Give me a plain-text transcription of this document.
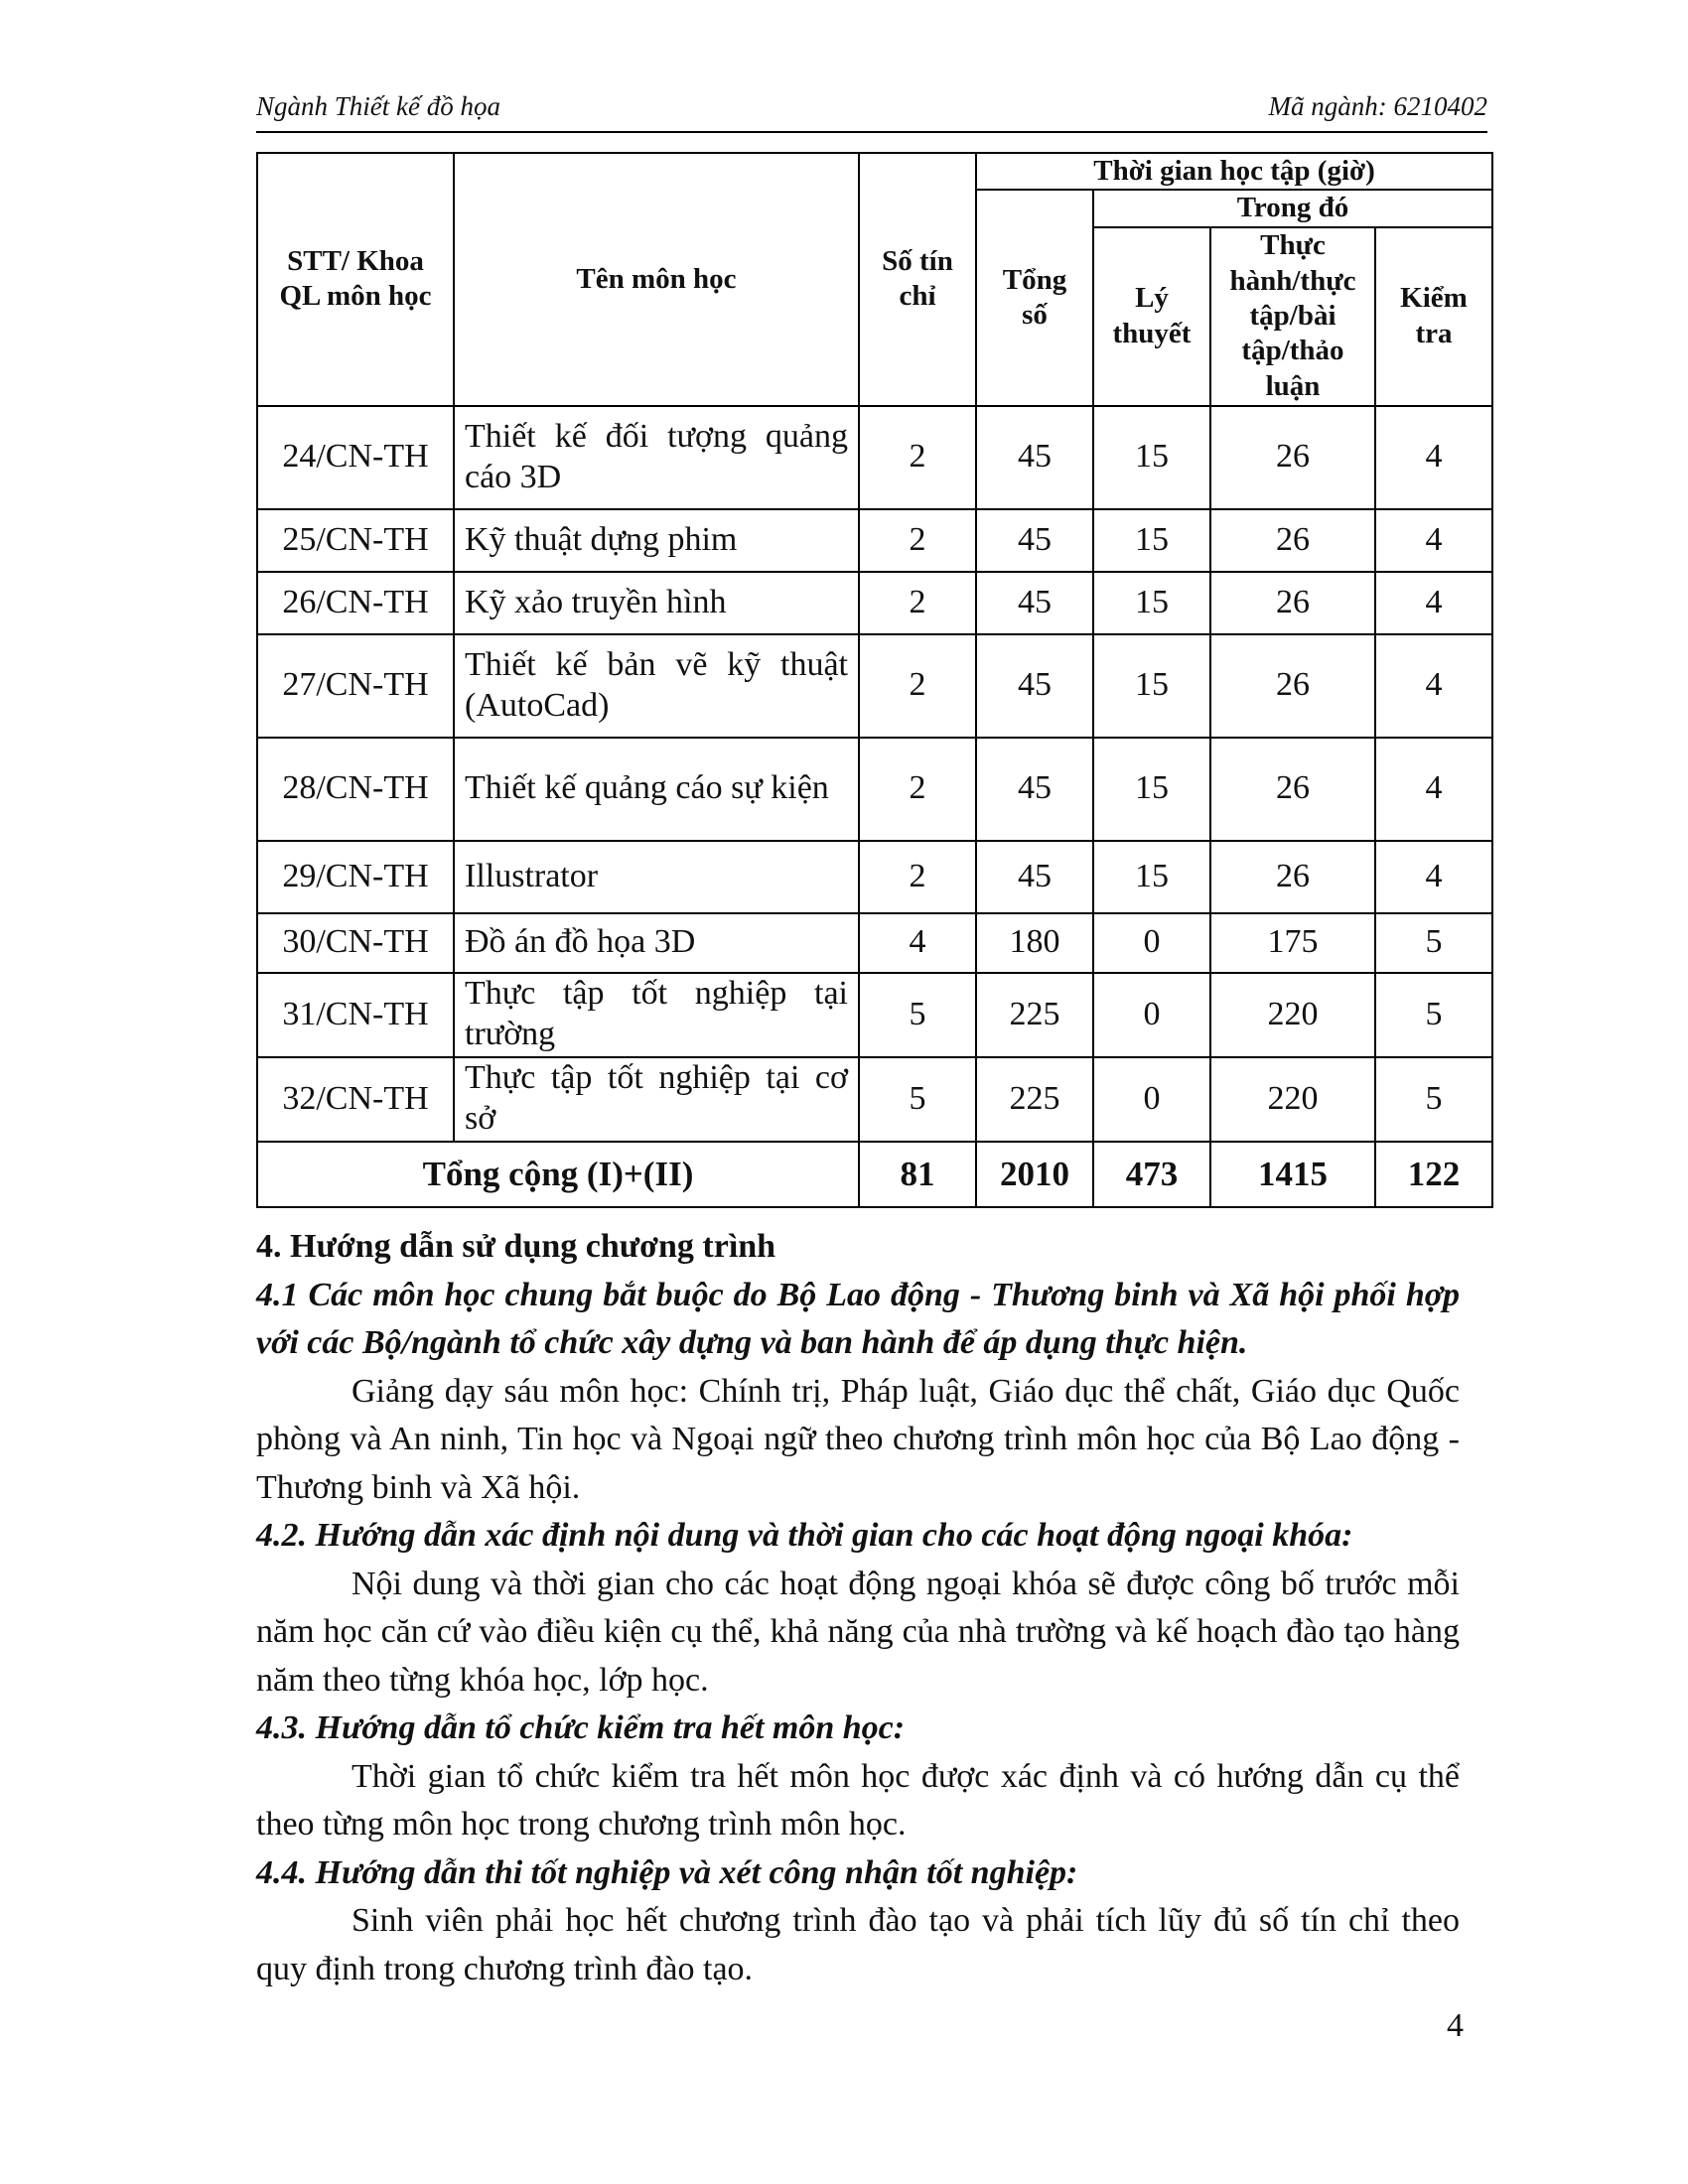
Ngành Thiết kế đồ họa	Mã ngành: 6210402
STT/ Khoa QL môn học	Tên môn học	Số tín chỉ	Thời gian học tập (giờ)			
			Tổng số	Trong đó		
				Lý thuyết	Thực hành/thực tập/bài tập/thảo luận	Kiểm tra
24/CN-TH	Thiết kế đối tượng quảng cáo 3D	2	45	15	26	4
25/CN-TH	Kỹ thuật dựng phim	2	45	15	26	4
26/CN-TH	Kỹ xảo truyền hình	2	45	15	26	4
27/CN-TH	Thiết kế bản vẽ kỹ thuật (AutoCad)	2	45	15	26	4
28/CN-TH	Thiết kế quảng cáo sự kiện	2	45	15	26	4
29/CN-TH	Illustrator	2	45	15	26	4
30/CN-TH	Đồ án đồ họa 3D	4	180	0	175	5
31/CN-TH	Thực tập tốt nghiệp tại trường	5	225	0	220	5
32/CN-TH	Thực tập tốt nghiệp tại cơ sở	5	225	0	220	5
Tổng cộng (I)+(II)		81	2010	473	1415	122

4. Hướng dẫn sử dụng chương trình

4.1 Các môn học chung bắt buộc do Bộ Lao động - Thương binh và Xã hội phối hợp với các Bộ/ngành tổ chức xây dựng và ban hành để áp dụng thực hiện.

Giảng dạy sáu môn học: Chính trị, Pháp luật, Giáo dục thể chất, Giáo dục Quốc phòng và An ninh, Tin học và Ngoại ngữ theo chương trình môn học của Bộ Lao động - Thương binh và Xã hội.

4.2. Hướng dẫn xác định nội dung và thời gian cho các hoạt động ngoại khóa:

Nội dung và thời gian cho các hoạt động ngoại khóa sẽ được công bố trước mỗi năm học căn cứ vào điều kiện cụ thể, khả năng của nhà trường và kế hoạch đào tạo hàng năm theo từng khóa học, lớp học.

4.3. Hướng dẫn tổ chức kiểm tra hết môn học:

Thời gian tổ chức kiểm tra hết môn học được xác định và có hướng dẫn cụ thể theo từng môn học trong chương trình môn học.

4.4. Hướng dẫn thi tốt nghiệp và xét công nhận tốt nghiệp:

Sinh viên phải học hết chương trình đào tạo và phải tích lũy đủ số tín chỉ theo quy định trong chương trình đào tạo.

4
